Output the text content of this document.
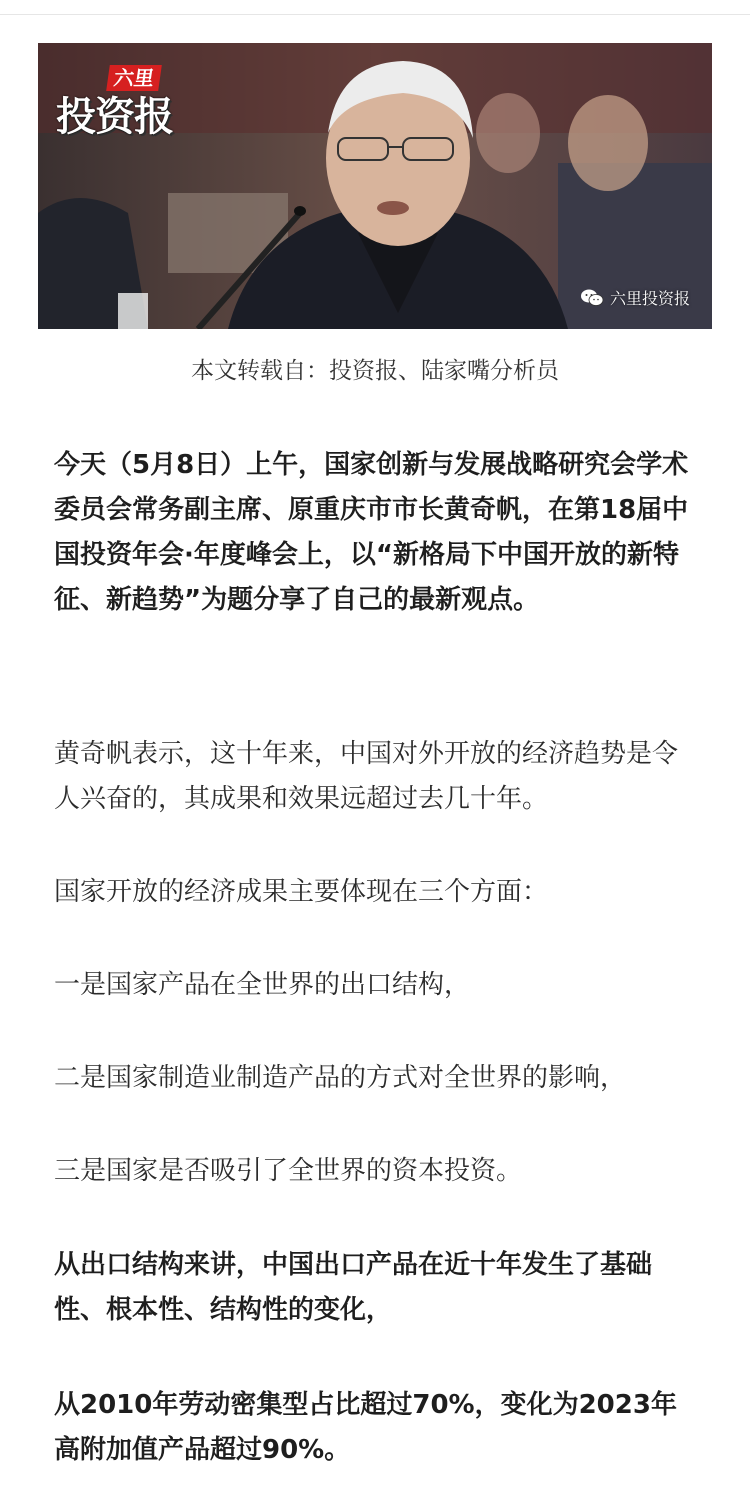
六里
投资报
六里投资报
本文转载自：投资报、陆家嘴分析员

今天（5月8日）上午，国家创新与发展战略研究会学术委员会常务副主席、原重庆市市长黄奇帆，在第18届中国投资年会·年度峰会上，以“新格局下中国开放的新特征、新趋势”为题分享了自己的最新观点。

黄奇帆表示，这十年来，中国对外开放的经济趋势是令人兴奋的，其成果和效果远超过去几十年。

国家开放的经济成果主要体现在三个方面：

一是国家产品在全世界的出口结构，

二是国家制造业制造产品的方式对全世界的影响，

三是国家是否吸引了全世界的资本投资。

从出口结构来讲，中国出口产品在近十年发生了基础性、根本性、结构性的变化，

从2010年劳动密集型占比超过70%，变化为2023年高附加值产品超过90%。
